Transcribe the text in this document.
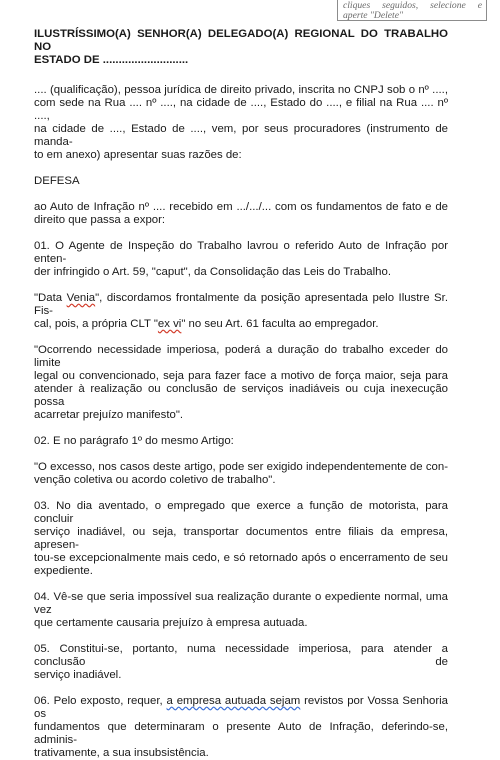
cliques seguidos, selecione e
aperte "Delete"
ILUSTRÍSSIMO(A) SENHOR(A) DELEGADO(A) REGIONAL DO TRABALHO NO
ESTADO DE ...........................
.... (qualificação), pessoa jurídica de direito privado, inscrita no CNPJ sob o nº ....,
com sede na Rua .... nº ...., na cidade de ...., Estado do ...., e filial na Rua .... nº ....,
na cidade de ...., Estado de ...., vem, por seus procuradores (instrumento de manda-
to em anexo) apresentar suas razões de:
DEFESA
ao Auto de Infração nº .... recebido em .../.../... com os fundamentos de fato e de
direito que passa a expor:
01. O Agente de Inspeção do Trabalho lavrou o referido Auto de Infração por enten-
der infringido o Art. 59, "caput", da Consolidação das Leis do Trabalho.
"Data Venia", discordamos frontalmente da posição apresentada pelo Ilustre Sr. Fis-
cal, pois, a própria CLT "ex vi" no seu Art. 61 faculta ao empregador.
"Ocorrendo necessidade imperiosa, poderá a duração do trabalho exceder do limite
legal ou convencionado, seja para fazer face a motivo de força maior, seja para
atender à realização ou conclusão de serviços inadiáveis ou cuja inexecução possa
acarretar prejuízo manifesto".
02. E no parágrafo 1º do mesmo Artigo:
"O excesso, nos casos deste artigo, pode ser exigido independentemente de con-
venção coletiva ou acordo coletivo de trabalho".
03. No dia aventado, o empregado que exerce a função de motorista, para concluir
serviço inadiável, ou seja, transportar documentos entre filiais da empresa, apresen-
tou-se excepcionalmente mais cedo, e só retornado após o encerramento de seu
expediente.
04. Vê-se que seria impossível sua realização durante o expediente normal, uma vez
que certamente causaria prejuízo à empresa autuada.
05. Constitui-se, portanto, numa necessidade imperiosa, para atender a conclusão de
serviço inadiável.
06. Pelo exposto, requer, a empresa autuada sejam revistos por Vossa Senhoria os
fundamentos que determinaram o presente Auto de Infração, deferindo-se, adminis-
trativamente, a sua insubsistência.
